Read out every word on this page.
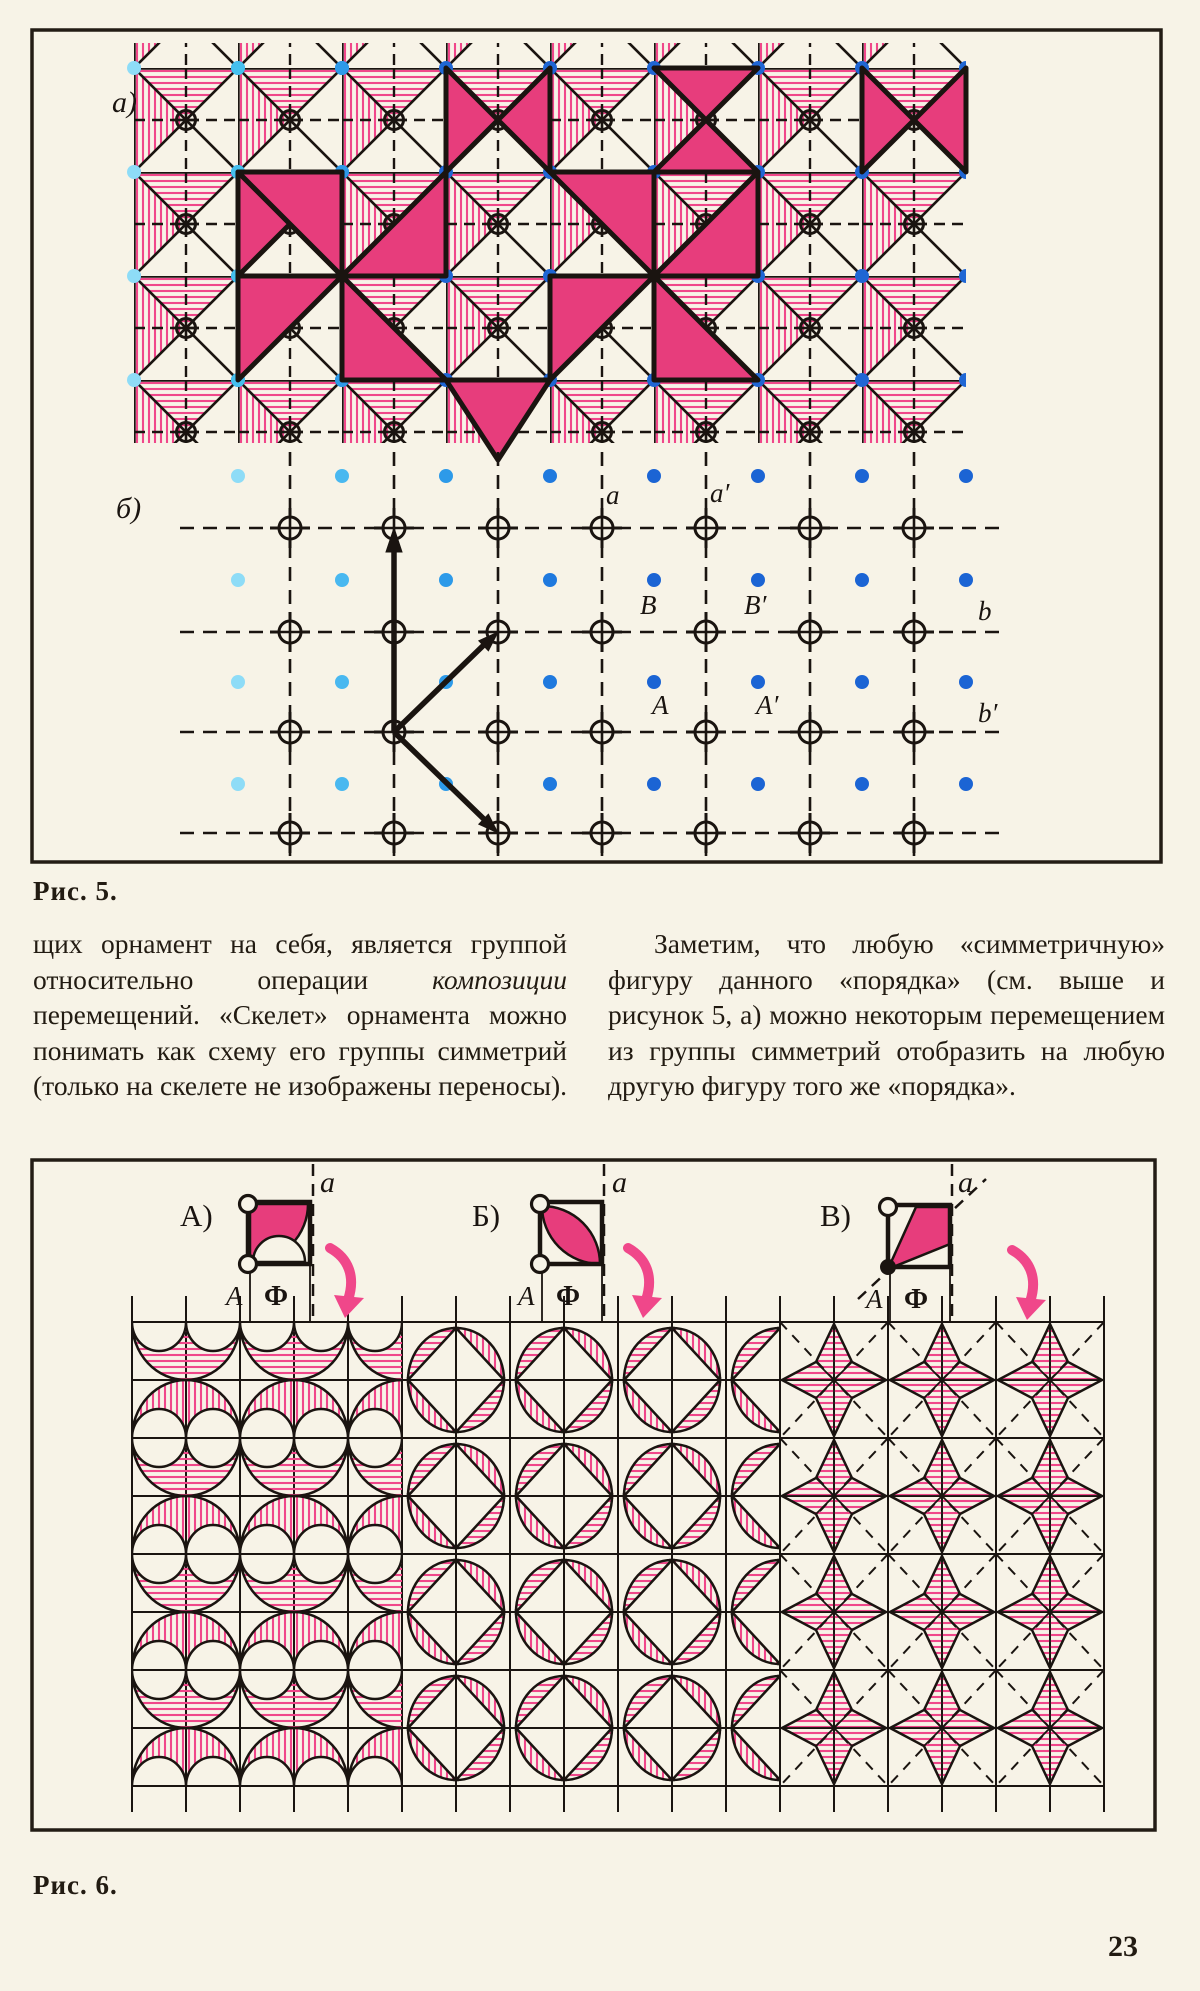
а)
б)	a	a′
B	B′	b
A	A′	b′
Рис. 5.
щих орнамент на себя, является группой относительно операции композиции перемещений. «Скелет» орнамента можно понимать как схему его группы симметрий (только на скелете не изображены переносы).
Заметим, что любую «симметричную» фигуру данного «порядка» (см. выше и рисунок 5, а) можно некоторым перемещением из группы симметрий отобразить на любую другую фигуру того же «порядка».
А)
A Ф
a
Б)
A Ф
a
В)
A Ф
a
Рис. 6.
23
